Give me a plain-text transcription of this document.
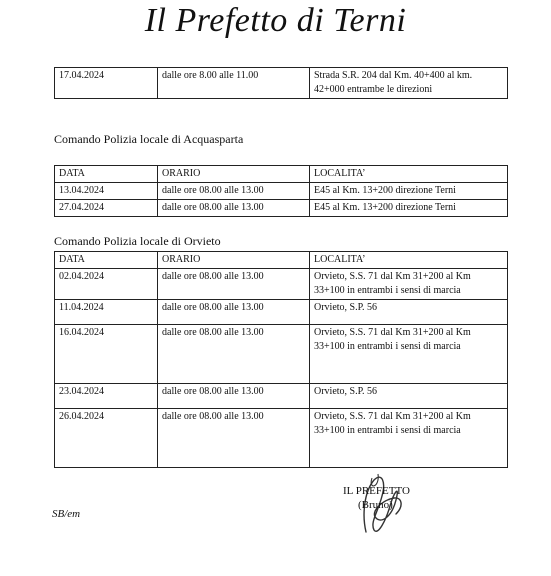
Il Prefetto di Terni
17.04.2024	dalle ore 8.00 alle 11.00	Strada S.R. 204 dal Km. 40+400 al km. 42+000 entrambe le direzioni
Comando Polizia locale di Acquasparta
DATA	ORARIO	LOCALITA’
13.04.2024	dalle ore 08.00 alle 13.00	E45 al Km. 13+200 direzione Terni
27.04.2024	dalle ore 08.00 alle 13.00	E45 al Km. 13+200 direzione Terni
Comando Polizia locale di Orvieto
DATA	ORARIO	LOCALITA’
02.04.2024	dalle ore 08.00 alle 13.00	Orvieto, S.S. 71 dal Km 31+200 al Km 33+100 in entrambi i sensi di marcia
11.04.2024	dalle ore 08.00 alle 13.00	Orvieto, S.P. 56
16.04.2024	dalle ore 08.00 alle 13.00	Orvieto, S.S. 71 dal Km 31+200 al Km 33+100 in entrambi i sensi di marcia
23.04.2024	dalle ore 08.00 alle 13.00	Orvieto, S.P. 56
26.04.2024	dalle ore 08.00 alle 13.00	Orvieto, S.S. 71 dal Km 31+200 al Km 33+100 in entrambi i sensi di marcia
IL PREFETTO
(Bruno)
SB/em
